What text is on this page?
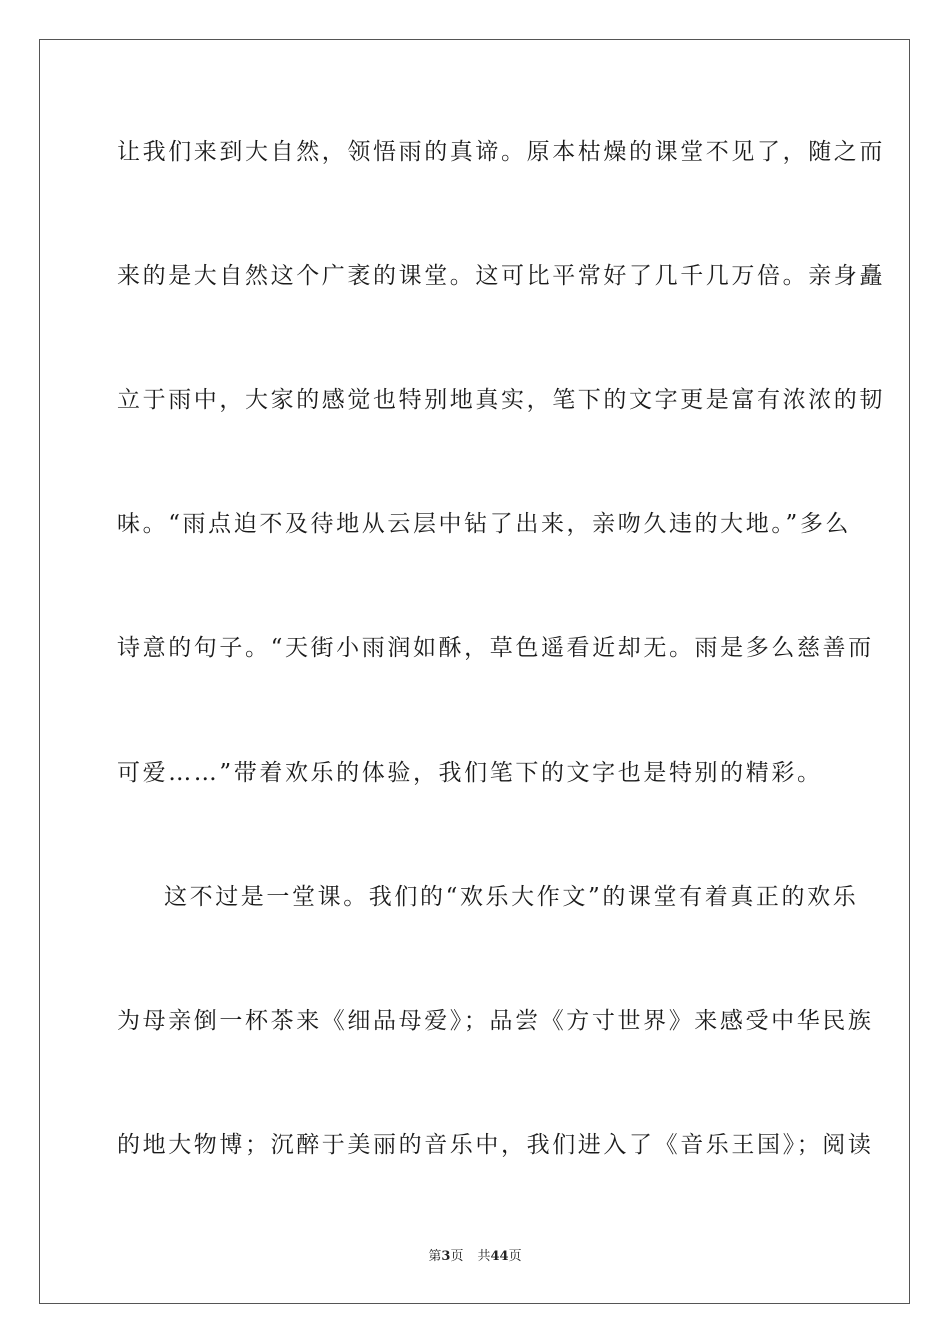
让我们来到大自然，领悟雨的真谛。原本枯燥的课堂不见了，随之而
来的是大自然这个广袤的课堂。这可比平常好了几千几万倍。亲身矗
立于雨中，大家的感觉也特别地真实，笔下的文字更是富有浓浓的韧
味。“雨点迫不及待地从云层中钻了出来，亲吻久违的大地。”多么
诗意的句子。“天街小雨润如酥，草色遥看近却无。雨是多么慈善而
可爱……”带着欢乐的体验，我们笔下的文字也是特别的精彩。
这不过是一堂课。我们的“欢乐大作文”的课堂有着真正的欢乐
为母亲倒一杯茶来《细品母爱》；品尝《方寸世界》来感受中华民族
的地大物博；沉醉于美丽的音乐中，我们进入了《音乐王国》；阅读
第3页 共44页
